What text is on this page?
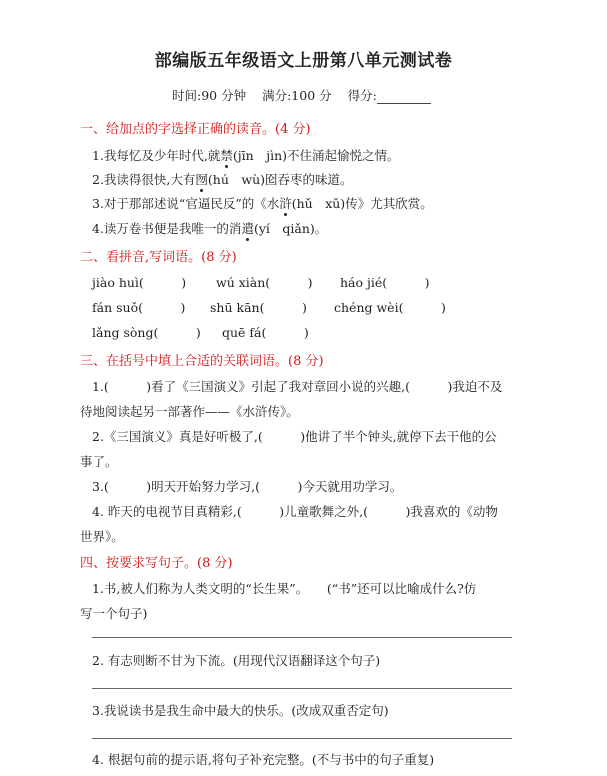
部编版五年级语文上册第八单元测试卷
时间:90 分钟 满分:100 分 得分:
一、给加点的字选择正确的读音。(4 分)
1.我每忆及少年时代,就禁(jīn　jìn)不住涌起愉悦之情。
2.我读得很快,大有囫(hú　wù)囵吞枣的味道。
3.对于那部述说“官逼民反”的《水浒(hǔ　xǔ)传》尤其欣赏。
4.读万卷书便是我唯一的消遣(yí　qiǎn)。
二、看拼音,写词语。(8 分)
jiào huì(　　　) wú xiàn(　　　) háo jié(　　　)
fán suǒ(　　　) shū kān(　　　) chéng wèi(　　　)
lǎng sòng(　　　) quē fá(　　　)
三、在括号中填上合适的关联词语。(8 分)
1.(　　　)看了《三国演义》引起了我对章回小说的兴趣,(　　　)我迫不及
待地阅读起另一部著作——《水浒传》。
2.《三国演义》真是好听极了,(　　　)他讲了半个钟头,就停下去干他的公
事了。
3.(　　　)明天开始努力学习,(　　　)今天就用功学习。
4. 昨天的电视节目真精彩,(　　　)儿童歌舞之外,(　　　)我喜欢的《动物
世界》。
四、按要求写句子。(8 分)
1.书,被人们称为人类文明的“长生果”。　　(“书”还可以比喻成什么?仿
写一个句子)
2. 有志则断不甘为下流。(用现代汉语翻译这个句子)
3.我说读书是我生命中最大的快乐。(改成双重否定句)
4. 根据句前的提示语,将句子补充完整。(不与书中的句子重复)
